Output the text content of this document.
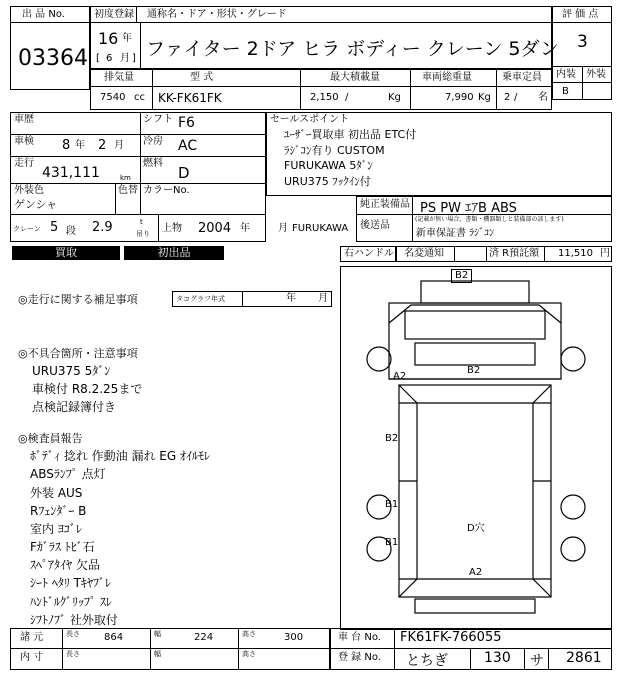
出 品 No.
03364
初度登録 通称名・ドア・形状・グレード
16 年
[ 6 月 ] ファイター 2ドア ヒラ ボディー クレーン 5ダン
評 価 点
3
内装 外装
B
排気量	型 式	最大積載量	車両総重量	乗車定員
7540 cc KK-FK61FK	2,150 /	Kg	7,990 Kg 2 / 名
車歴	シフト F6
車検 8 年 2 月 冷房 AC
走行
431,111	km
燃料
D
外装色
ゲンシャ
色替 カラーNo.
クレーン 5 段 2.9	t
吊り 上物 2004 年	月 FURUKAWA
セールスポイント
ﾕｰｻﾞｰ買取車 初出品 ETC付
ﾗｼﾞｺﾝ有り CUSTOM
FURUKAWA 5ﾀﾞﾝ
URU375 ﾌｯｸｲﾝ付
純正装備品 PS PW ｴｱB ABS
後送品
(記載が無い場合、書類・機器類しと装備部の該します)
新車保証書 ﾗｼﾞｺﾝ
買取	初出品	右ハンドル 名変通知	済 R預託額 11,510 円
◎走行に関する補足事項	タコグラフ年式	年 月
◎不具合箇所・注意事項
URU375 5ﾀﾞﾝ
車検付 R8.2.25まで
点検記録簿付き
◎検査員報告
ﾎﾞﾃﾞｨ 捻れ 作動油 漏れ EG ｵｲﾙﾓﾚ
ABSﾗﾝﾌﾟ 点灯
外装 AUS
Rﾌｪﾝﾀﾞｰ B
室内 ﾖｺﾞﾚ
Fｶﾞﾗｽ ﾄﾋﾞ石
ｽﾍﾟｱﾀｲﾔ 欠品
ｼｰﾄ ﾍﾀﾘ Tｷﾔﾌﾞﾚ
ﾊﾝﾄﾞﾙｸﾞﾘｯﾌﾟ ｽﾚ
ｼﾌﾄﾉﾌﾞ 社外取付
B2
A2
B2
B2
B1
D穴
B1
A2
諸 元
内 寸
長さ 864	幅	224	高さ	300
長さ	幅	高さ
車 台 No. FK61FK-766055
登 録 No. とちぎ	130 サ 2861
